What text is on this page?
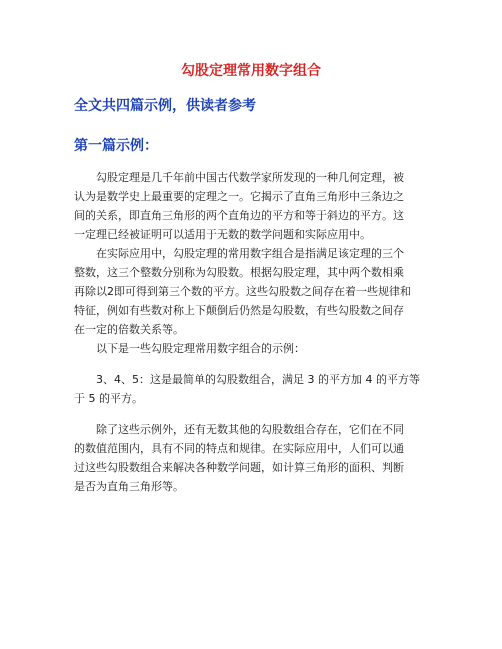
勾股定理常用数字组合
全文共四篇示例，供读者参考
第一篇示例：
勾股定理是几千年前中国古代数学家所发现的一种几何定理，被
认为是数学史上最重要的定理之一。它揭示了直角三角形中三条边之
间的关系，即直角三角形的两个直角边的平方和等于斜边的平方。这
一定理已经被证明可以适用于无数的数学问题和实际应用中。
在实际应用中，勾股定理的常用数字组合是指满足该定理的三个
整数，这三个整数分别称为勾股数。根据勾股定理，其中两个数相乘
再除以2即可得到第三个数的平方。这些勾股数之间存在着一些规律和
特征，例如有些数对称上下颠倒后仍然是勾股数，有些勾股数之间存
在一定的倍数关系等。
以下是一些勾股定理常用数字组合的示例：
3、4、5：这是最简单的勾股数组合，满足 3 的平方加 4 的平方等
于 5 的平方。
除了这些示例外，还有无数其他的勾股数组合存在，它们在不同
的数值范围内，具有不同的特点和规律。在实际应用中，人们可以通
过这些勾股数组合来解决各种数学问题，如计算三角形的面积、判断
是否为直角三角形等。
